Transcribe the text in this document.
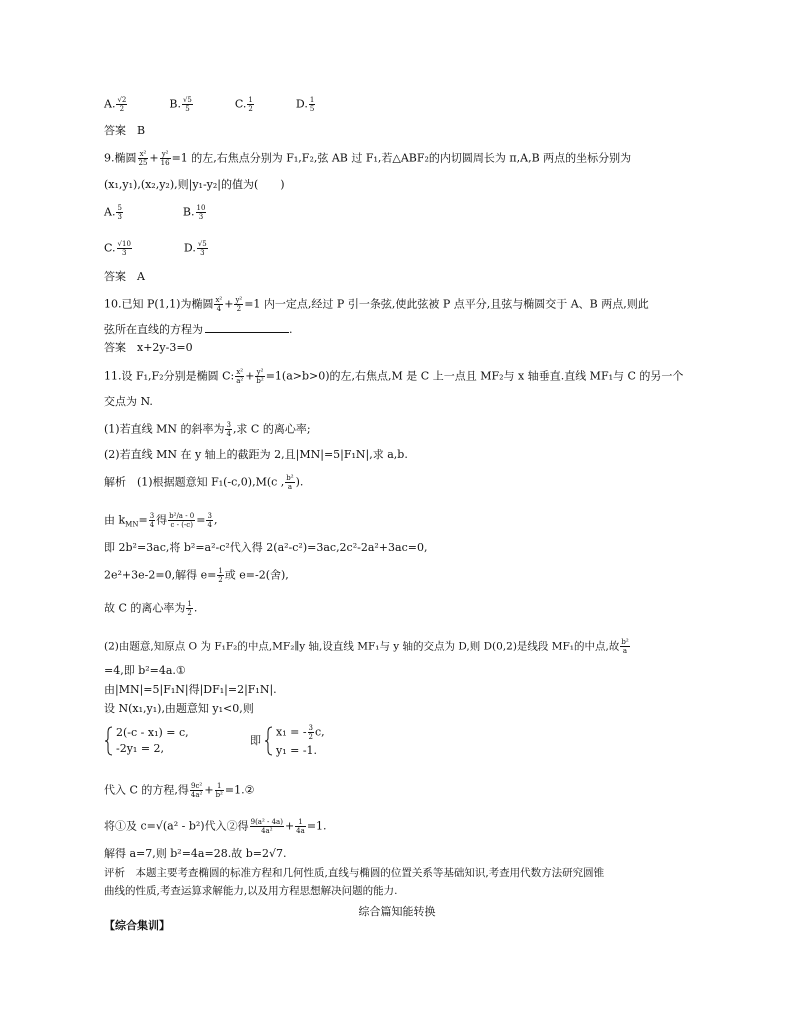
A. $\frac{√2}{2}$	B. $\frac{√5}{5}$	C. $\frac{1}{2}$	D. $\frac{1}{5}$
答案　B
9.椭圆 $\frac{\text{x²}}{25} + \frac{\text{y²}}{16} =1$ 的左,右焦点分别为 F₁,F₂,弦 AB 过 F₁,若△ABF₂的内切圆周长为 π,A,B 两点的坐标分别为
(x₁,y₁),(x₂,y₂),则|y₁-y₂|的值为(　　)
A. $\frac{5}{3}$	B. $\frac{10}{3}$
C. $\frac{√10}{3}$	D. $\frac{√5}{3}$
答案　A
10.已知 P(1,1)为椭圆 $\frac{\text{x²}}{4} + \frac{\text{y²}}{2} =1$ 内一定点,经过 P 引一条弦,使此弦被 P 点平分,且弦与椭圆交于 A、B 两点,则此
弦所在直线的方程为	.
答案　x+2y-3=0
11.设 F₁,F₂分别是椭圆 C: $\frac{\text{x²}}{\text{a²}} + \frac{\text{y²}}{\text{b²}} =1(a>b>0)$的左,右焦点,M 是 C 上一点且 MF₂与 x 轴垂直.直线 MF₁与 C 的另一个
交点为 N.
(1)若直线 MN 的斜率为 $\frac{3}{4}$ ,求 C 的离心率;
(2)若直线 MN 在 y 轴上的截距为 2,且|MN|=5|F₁N|,求 a,b.
解析　(1)根据题意知 F₁(-c,0),M(c , $\frac{\text{b²}}{a}$ ).
由 $k_{MN}= \frac{3}{4}$ 得 $\frac{\text{b²/a - 0}}{c - (-c)} = \frac{3}{4}$ ,
即 2b²=3ac,将 b²=a²-c²代入得 2(a²-c²)=3ac,2c²-2a²+3ac=0,
2e²+3e-2=0,解得 $e= \frac{1}{2}$ 或 e=-2(舍),
故 C 的离心率为 $\frac{1}{2}$ .
(2)由题意,知原点 O 为 F₁F₂的中点,MF₂∥y 轴,设直线 MF₁与 y 轴的交点为 D,则 D(0,2)是线段 MF₁的中点,故 $\frac{\text{b²}}{a}$
=4,即 b²=4a.①
由|MN|=5|F₁N|得|DF₁|=2|F₁N|.
设 N(x₁,y₁),由题意知 y₁<0,则
2(-c - x₁) = c,
-2y₁ = 2,
即
x₁ = - $\frac{3}{2} c$,
y₁ = -1.
代入 C 的方程,得 $\frac{\text{9c²}}{\text{4a²}} + \frac{1}{\text{b²}}$ =1.②
将①及 c=√(a² - b²)代入②得 $\frac{\text{9(a² - 4a)}}{\text{4a²}} + \frac{1}{4a} =1$.
解得 a=7,则 b²=4a=28.故 b=2√7.
评析　本题主要考查椭圆的标准方程和几何性质,直线与椭圆的位置关系等基础知识,考查用代数方法研究圆锥
曲线的性质,考查运算求解能力,以及用方程思想解决问题的能力.
综合篇知能转换
【综合集训】
